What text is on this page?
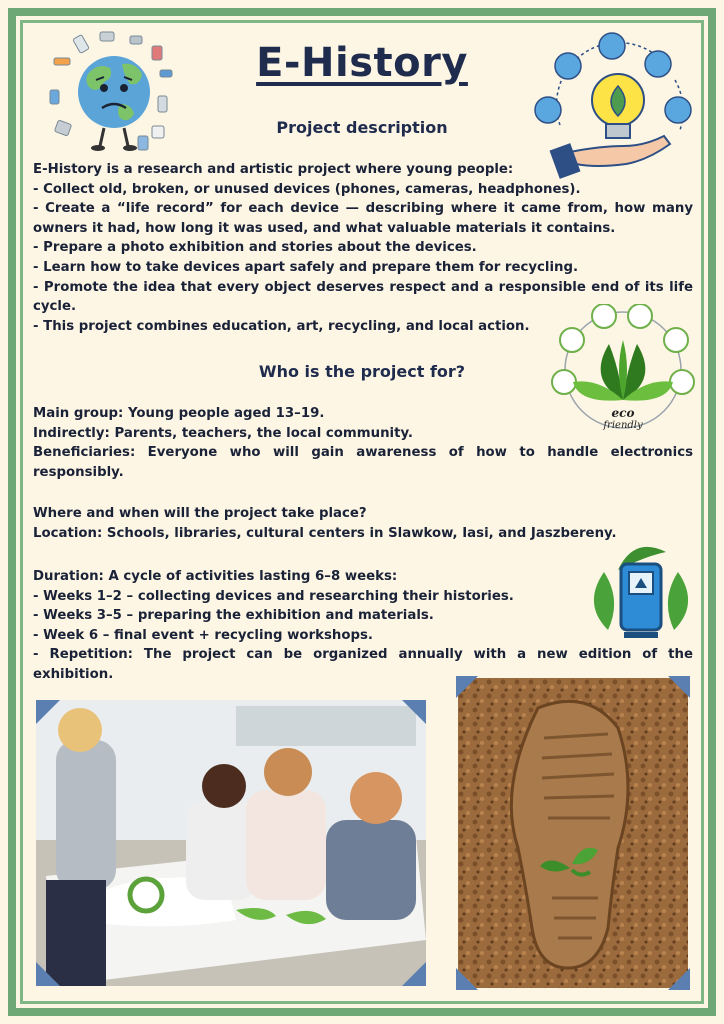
E-History
Project description
E-History is a research and artistic project where young people:
- Collect old, broken, or unused devices (phones, cameras, headphones).
- Create a “life record” for each device — describing where it came from, how many owners it had, how long it was used, and what valuable materials it contains.
- Prepare a photo exhibition and stories about the devices.
- Learn how to take devices apart safely and prepare them for recycling.
- Promote the idea that every object deserves respect and a responsible end of its life cycle.
- This project combines education, art, recycling, and local action.
eco
friendly
Who is the project for?
Main group: Young people aged 13–19.
Indirectly: Parents, teachers, the local community.
Beneficiaries: Everyone who will gain awareness of how to handle electronics responsibly.
Where and when will the project take place?
Location: Schools, libraries, cultural centers in Slawkow, Iasi, and Jaszbereny.
Duration: A cycle of activities lasting 6–8 weeks:
- Weeks 1–2 – collecting devices and researching their histories.
- Weeks 3–5 – preparing the exhibition and materials.
- Week 6 – final event + recycling workshops.
- Repetition: The project can be organized annually with a new edition of the exhibition.
